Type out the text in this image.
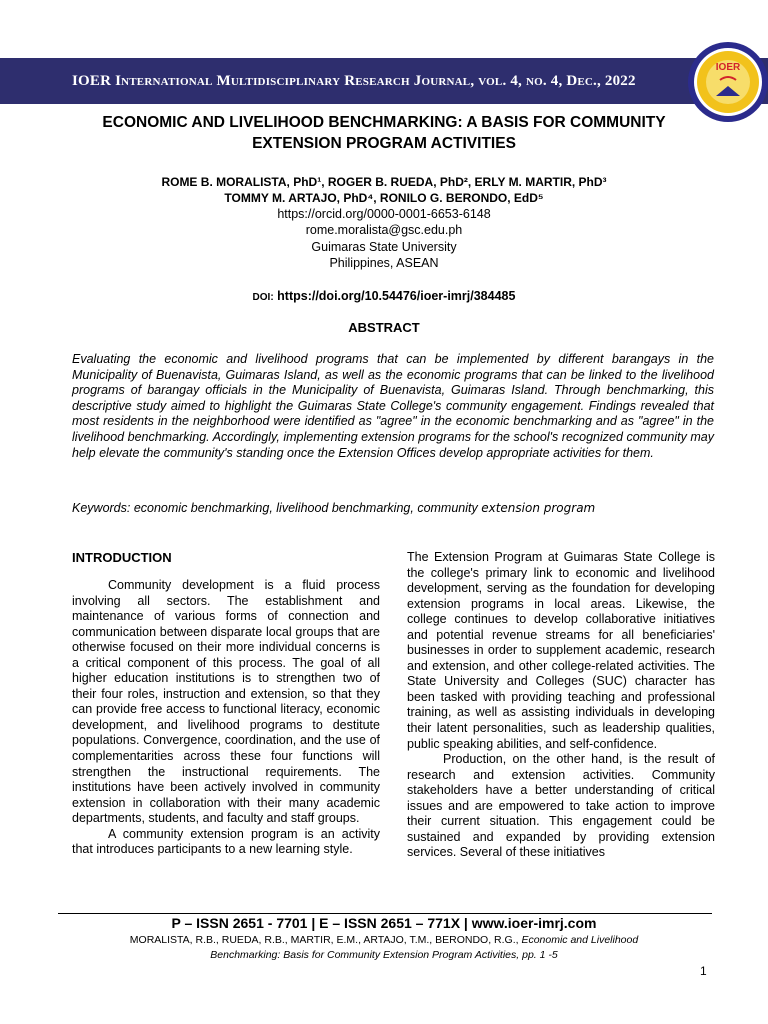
IOER International Multidisciplinary Research Journal, vol. 4, no. 4, Dec., 2022
IOER
ECONOMIC AND LIVELIHOOD BENCHMARKING: A BASIS FOR COMMUNITY EXTENSION PROGRAM ACTIVITIES
ROME B. MORALISTA, PhD¹, ROGER B. RUEDA, PhD², ERLY M. MARTIR, PhD³
TOMMY M. ARTAJO, PhD⁴, RONILO G. BERONDO, EdD⁵
https://orcid.org/0000-0001-6653-6148
rome.moralista@gsc.edu.ph
Guimaras State University
Philippines, ASEAN
DOI: https://doi.org/10.54476/ioer-imrj/384485
ABSTRACT

Evaluating the economic and livelihood programs that can be implemented by different barangays in the Municipality of Buenavista, Guimaras Island, as well as the economic programs that can be linked to the livelihood programs of barangay officials in the Municipality of Buenavista, Guimaras Island. Through benchmarking, this descriptive study aimed to highlight the Guimaras State College's community engagement. Findings revealed that most residents in the neighborhood were identified as "agree" in the economic benchmarking and as "agree" in the livelihood benchmarking. Accordingly, implementing extension programs for the school's recognized community may help elevate the community's standing once the Extension Offices develop appropriate activities for them.

Keywords: economic benchmarking, livelihood benchmarking, community extension program

INTRODUCTION

Community development is a fluid process involving all sectors. The establishment and maintenance of various forms of connection and communication between disparate local groups that are otherwise focused on their more individual concerns is a critical component of this process. The goal of all higher education institutions is to strengthen two of their four roles, instruction and extension, so that they can provide free access to functional literacy, economic development, and livelihood programs to destitute populations. Convergence, coordination, and the use of complementarities across these four functions will strengthen the instructional requirements. The institutions have been actively involved in community extension in collaboration with their many academic departments, students, and faculty and staff groups.

A community extension program is an activity that introduces participants to a new learning style.

The Extension Program at Guimaras State College is the college's primary link to economic and livelihood development, serving as the foundation for developing extension programs in local areas. Likewise, the college continues to develop collaborative initiatives and potential revenue streams for all beneficiaries' businesses in order to supplement academic, research and extension, and other college-related activities. The State University and Colleges (SUC) character has been tasked with providing teaching and professional training, as well as assisting individuals in developing their latent personalities, such as leadership qualities, public speaking abilities, and self-confidence.

Production, on the other hand, is the result of research and extension activities. Community stakeholders have a better understanding of critical issues and are empowered to take action to improve their current situation. This engagement could be sustained and expanded by providing extension services. Several of these initiatives

P – ISSN 2651 - 7701 | E – ISSN 2651 – 771X | www.ioer-imrj.com
MORALISTA, R.B., RUEDA, R.B., MARTIR, E.M., ARTAJO, T.M., BERONDO, R.G., Economic and Livelihood
Benchmarking: Basis for Community Extension Program Activities, pp. 1 -5
1
